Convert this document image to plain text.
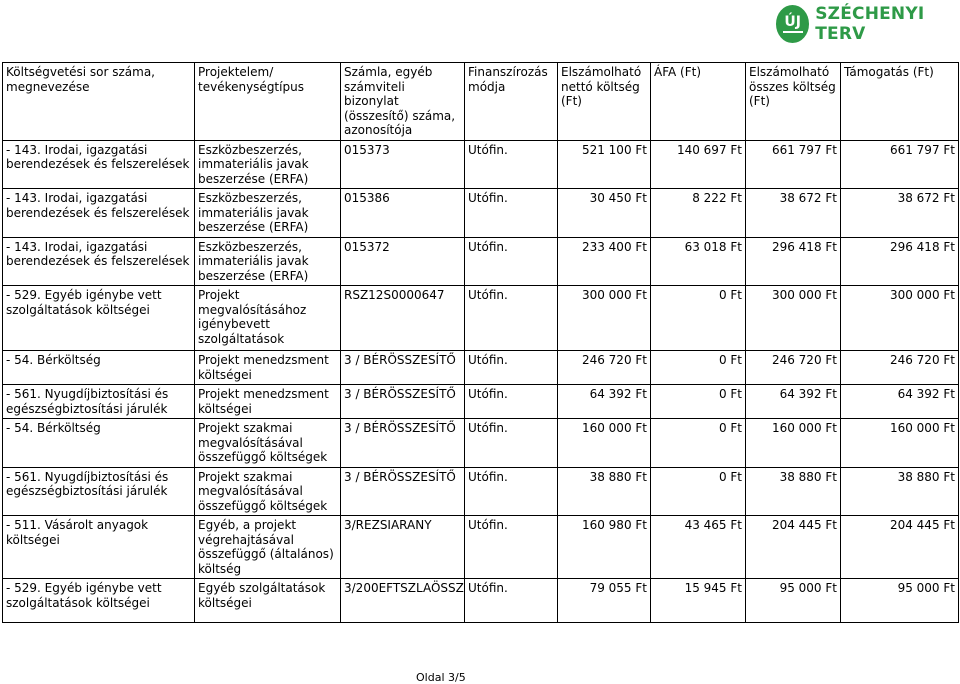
ÚJ SZÉCHENYI TERV
Költségvetési sor száma, megnevezése	Projektelem/ tevékenységtípus	Számla, egyéb számviteli bizonylat (összesítő) száma, azonosítója	Finanszírozás módja	Elszámolható nettó költség (Ft)	ÁFA (Ft)	Elszámolható összes költség (Ft)	Támogatás (Ft)
- 143. Irodai, igazgatási berendezések és felszerelések	Eszközbeszerzés, immateriális javak beszerzése (ERFA)	015373	Utófin.	521 100 Ft	140 697 Ft	661 797 Ft	661 797 Ft
- 143. Irodai, igazgatási berendezések és felszerelések	Eszközbeszerzés, immateriális javak beszerzése (ERFA)	015386	Utófin.	30 450 Ft	8 222 Ft	38 672 Ft	38 672 Ft
- 143. Irodai, igazgatási berendezések és felszerelések	Eszközbeszerzés, immateriális javak beszerzése (ERFA)	015372	Utófin.	233 400 Ft	63 018 Ft	296 418 Ft	296 418 Ft
- 529. Egyéb igénybe vett szolgáltatások költségei	Projekt megvalósításához igénybevett szolgáltatások	RSZ12S0000647	Utófin.	300 000 Ft	0 Ft	300 000 Ft	300 000 Ft
- 54. Bérköltség	Projekt menedzsment költségei	3 / BÉRÖSSZESÍTŐ	Utófin.	246 720 Ft	0 Ft	246 720 Ft	246 720 Ft
- 561. Nyugdíjbiztosítási és egészségbiztosítási járulék	Projekt menedzsment költségei	3 / BÉRÖSSZESÍTŐ	Utófin.	64 392 Ft	0 Ft	64 392 Ft	64 392 Ft
- 54. Bérköltség	Projekt szakmai megvalósításával összefüggő költségek	3 / BÉRÖSSZESÍTŐ	Utófin.	160 000 Ft	0 Ft	160 000 Ft	160 000 Ft
- 561. Nyugdíjbiztosítási és egészségbiztosítási járulék	Projekt szakmai megvalósításával összefüggő költségek	3 / BÉRÖSSZESÍTŐ	Utófin.	38 880 Ft	0 Ft	38 880 Ft	38 880 Ft
- 511. Vásárolt anyagok költségei	Egyéb, a projekt végrehajtásával összefüggő (általános) költség	3/REZSIARANY	Utófin.	160 980 Ft	43 465 Ft	204 445 Ft	204 445 Ft
- 529. Egyéb igénybe vett szolgáltatások költségei	Egyéb szolgáltatások költségei	3/200EFTSZLAÖSSZ	Utófin.	79 055 Ft	15 945 Ft	95 000 Ft	95 000 Ft
Oldal 3/5
